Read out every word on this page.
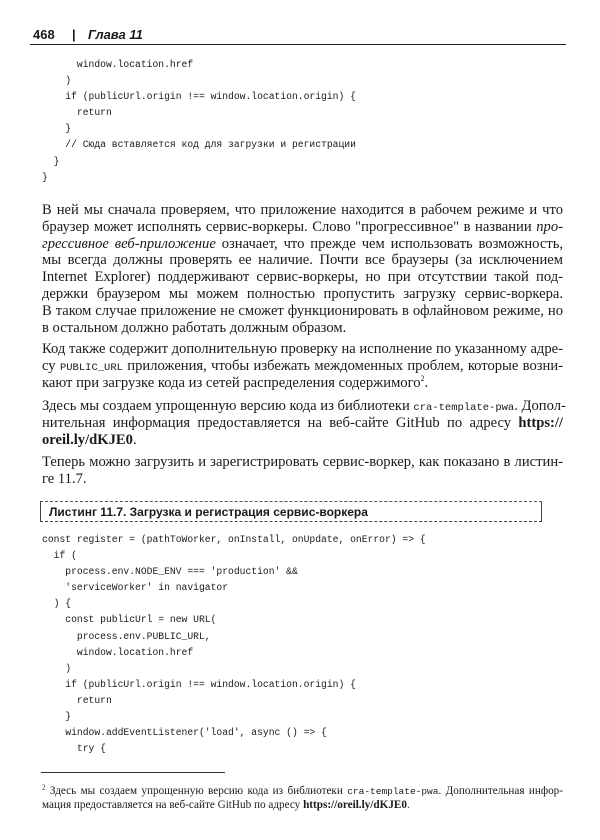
468 | Глава 11
window.location.href
)
if (publicUrl.origin !== window.location.origin) {
return
}
// Сюда вставляется код для загрузки и регистрации
}
}
В ней мы сначала проверяем, что приложение находится в рабочем режиме и что
браузер может исполнять сервис-воркеры. Слово "прогрессивное" в названии про-
грессивное веб-приложение означает, что прежде чем использовать возможность,
мы всегда должны проверять ее наличие. Почти все браузеры (за исключением
Internet Explorer) поддерживают сервис-воркеры, но при отсутствии такой под-
держки браузером мы можем полностью пропустить загрузку сервис-воркера.
В таком случае приложение не сможет функционировать в офлайновом режиме, но
в остальном должно работать должным образом.
Код также содержит дополнительную проверку на исполнение по указанному адре-
су PUBLIC_URL приложения, чтобы избежать междоменных проблем, которые возни-
кают при загрузке кода из сетей распределения содержимого$^2$.
Здесь мы создаем упрощенную версию кода из библиотеки cra-template-pwa. Допол-
нительная информация предоставляется на веб-сайте GitHub по адресу https://
oreil.ly/dKJE0.
Теперь можно загрузить и зарегистрировать сервис-воркер, как показано в листин-
ге 11.7.
Листинг 11.7. Загрузка и регистрация сервис-воркера
const register = (pathToWorker, onInstall, onUpdate, onError) => {
if (
process.env.NODE_ENV === 'production' &&
'serviceWorker' in navigator
) {
const publicUrl = new URL(
process.env.PUBLIC_URL,
window.location.href
)
if (publicUrl.origin !== window.location.origin) {
return
}
window.addEventListener('load', async () => {
try {
$^2$ Здесь мы создаем упрощенную версию кода из библиотеки cra-template-pwa. Дополнительная инфор-
мация предоставляется на веб-сайте GitHub по адресу https://oreil.ly/dKJE0.
